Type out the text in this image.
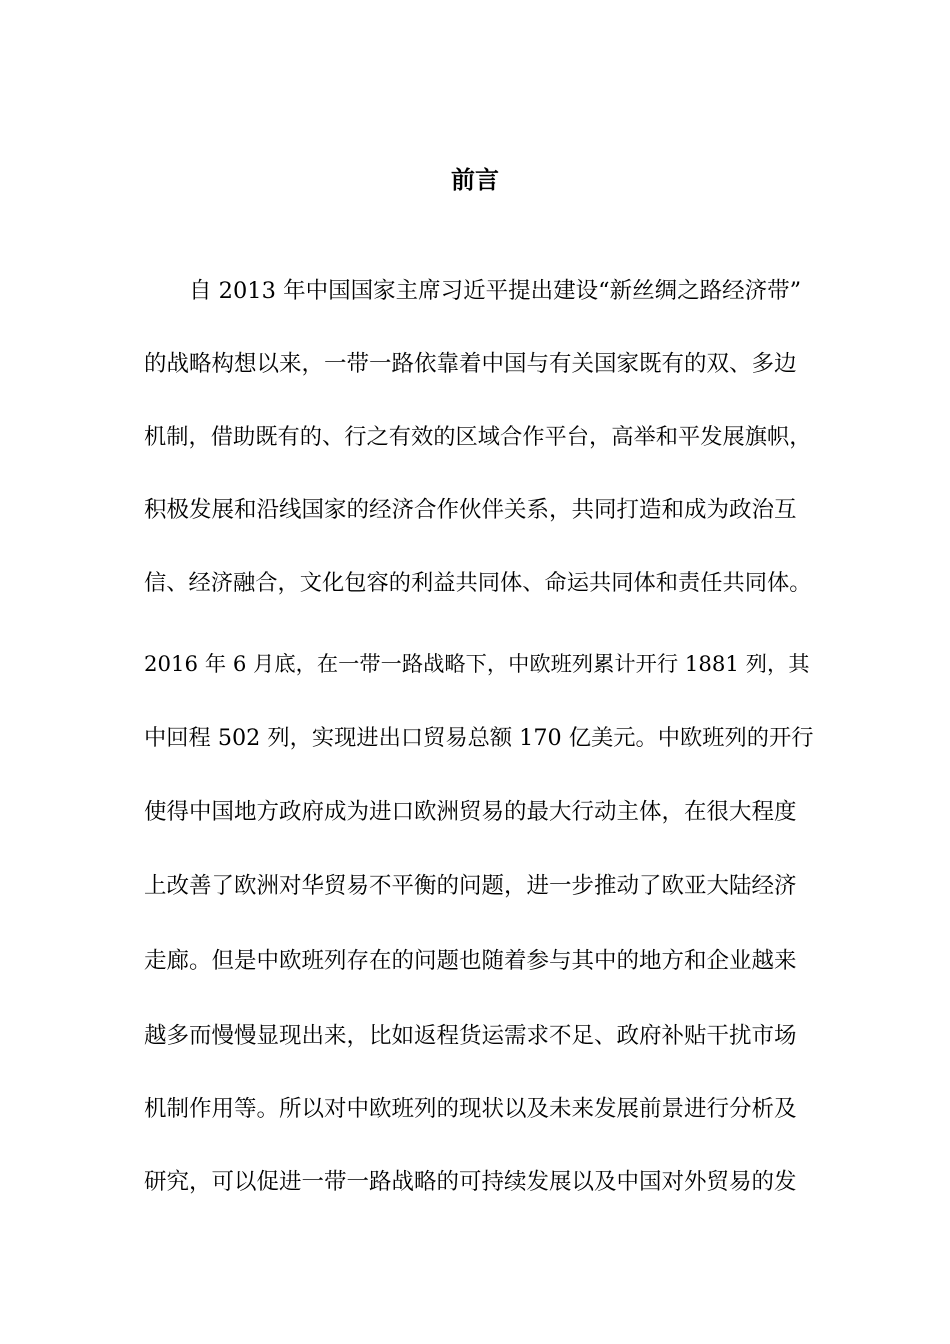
前言
自 2013 年中国国家主席习近平提出建设“新丝绸之路经济带”
的战略构想以来，一带一路依靠着中国与有关国家既有的双、多边
机制，借助既有的、行之有效的区域合作平台，高举和平发展旗帜，
积极发展和沿线国家的经济合作伙伴关系，共同打造和成为政治互
信、经济融合，文化包容的利益共同体、命运共同体和责任共同体。
2016 年 6 月底，在一带一路战略下，中欧班列累计开行 1881 列，其
中回程 502 列，实现进出口贸易总额 170 亿美元。中欧班列的开行
使得中国地方政府成为进口欧洲贸易的最大行动主体，在很大程度
上改善了欧洲对华贸易不平衡的问题，进一步推动了欧亚大陆经济
走廊。但是中欧班列存在的问题也随着参与其中的地方和企业越来
越多而慢慢显现出来，比如返程货运需求不足、政府补贴干扰市场
机制作用等。所以对中欧班列的现状以及未来发展前景进行分析及
研究，可以促进一带一路战略的可持续发展以及中国对外贸易的发
